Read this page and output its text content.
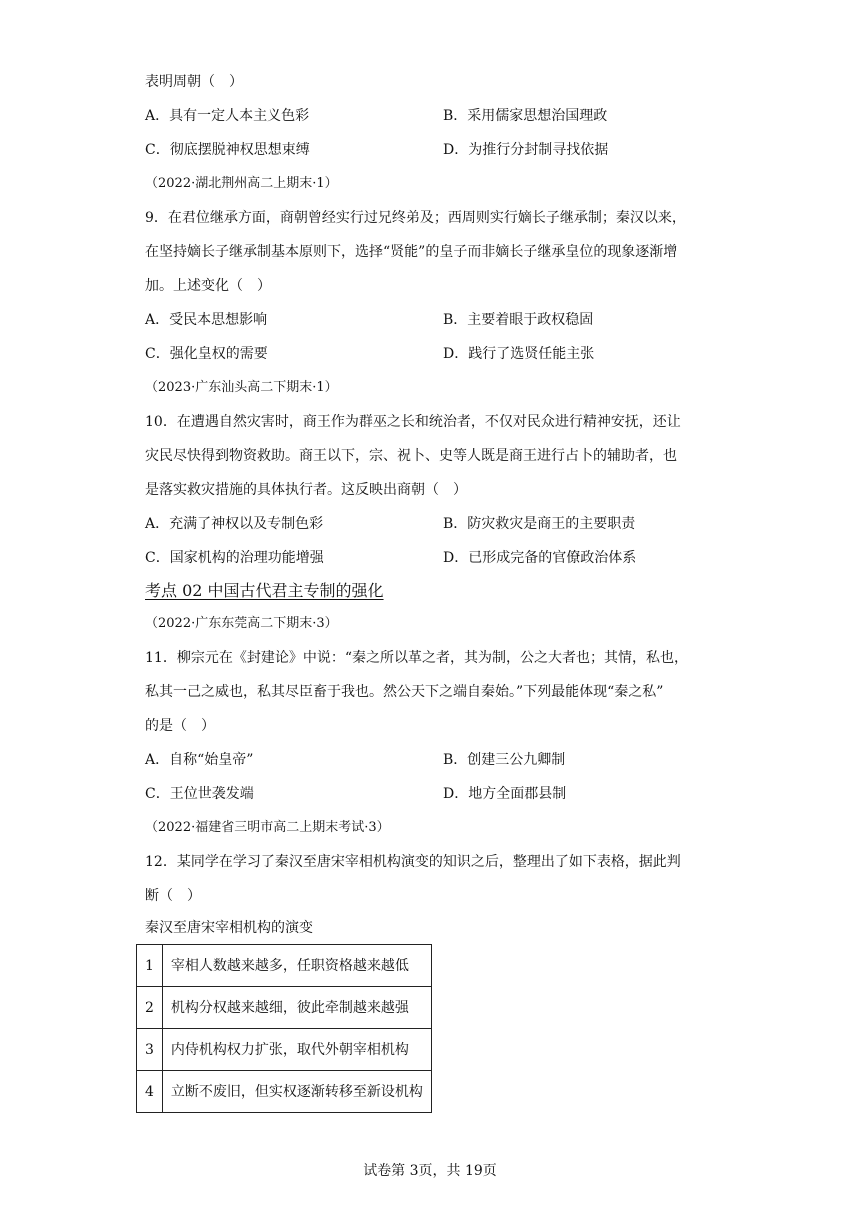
表明周朝（　）
A．具有一定人本主义色彩	B．采用儒家思想治国理政
C．彻底摆脱神权思想束缚	D．为推行分封制寻找依据
（2022·湖北荆州高二上期末·1）
9．在君位继承方面，商朝曾经实行过兄终弟及；西周则实行嫡长子继承制；秦汉以来，
在坚持嫡长子继承制基本原则下，选择“贤能”的皇子而非嫡长子继承皇位的现象逐渐增
加。上述变化（　）
A．受民本思想影响	B．主要着眼于政权稳固
C．强化皇权的需要	D．践行了选贤任能主张
（2023·广东汕头高二下期末·1）
10．在遭遇自然灾害时，商王作为群巫之长和统治者，不仅对民众进行精神安抚，还让
灾民尽快得到物资救助。商王以下，宗、祝卜、史等人既是商王进行占卜的辅助者，也
是落实救灾措施的具体执行者。这反映出商朝（　）
A．充满了神权以及专制色彩	B．防灾救灾是商王的主要职责
C．国家机构的治理功能增强	D．已形成完备的官僚政治体系
考点 02 中国古代君主专制的强化
（2022·广东东莞高二下期末·3）
11．柳宗元在《封建论》中说：“秦之所以革之者，其为制，公之大者也；其情，私也，
私其一己之威也，私其尽臣畜于我也。然公天下之端自秦始。”下列最能体现“秦之私”
的是（　）
A．自称“始皇帝”	B．创建三公九卿制
C．王位世袭发端	D．地方全面郡县制
（2022·福建省三明市高二上期末考试·3）
12．某同学在学习了秦汉至唐宋宰相机构演变的知识之后，整理出了如下表格，据此判
断（　）
秦汉至唐宋宰相机构的演变
1	宰相人数越来越多，任职资格越来越低
2	机构分权越来越细，彼此牵制越来越强
3	内侍机构权力扩张，取代外朝宰相机构
4	立断不废旧，但实权逐渐转移至新设机构
试卷第 3页，共 19页
